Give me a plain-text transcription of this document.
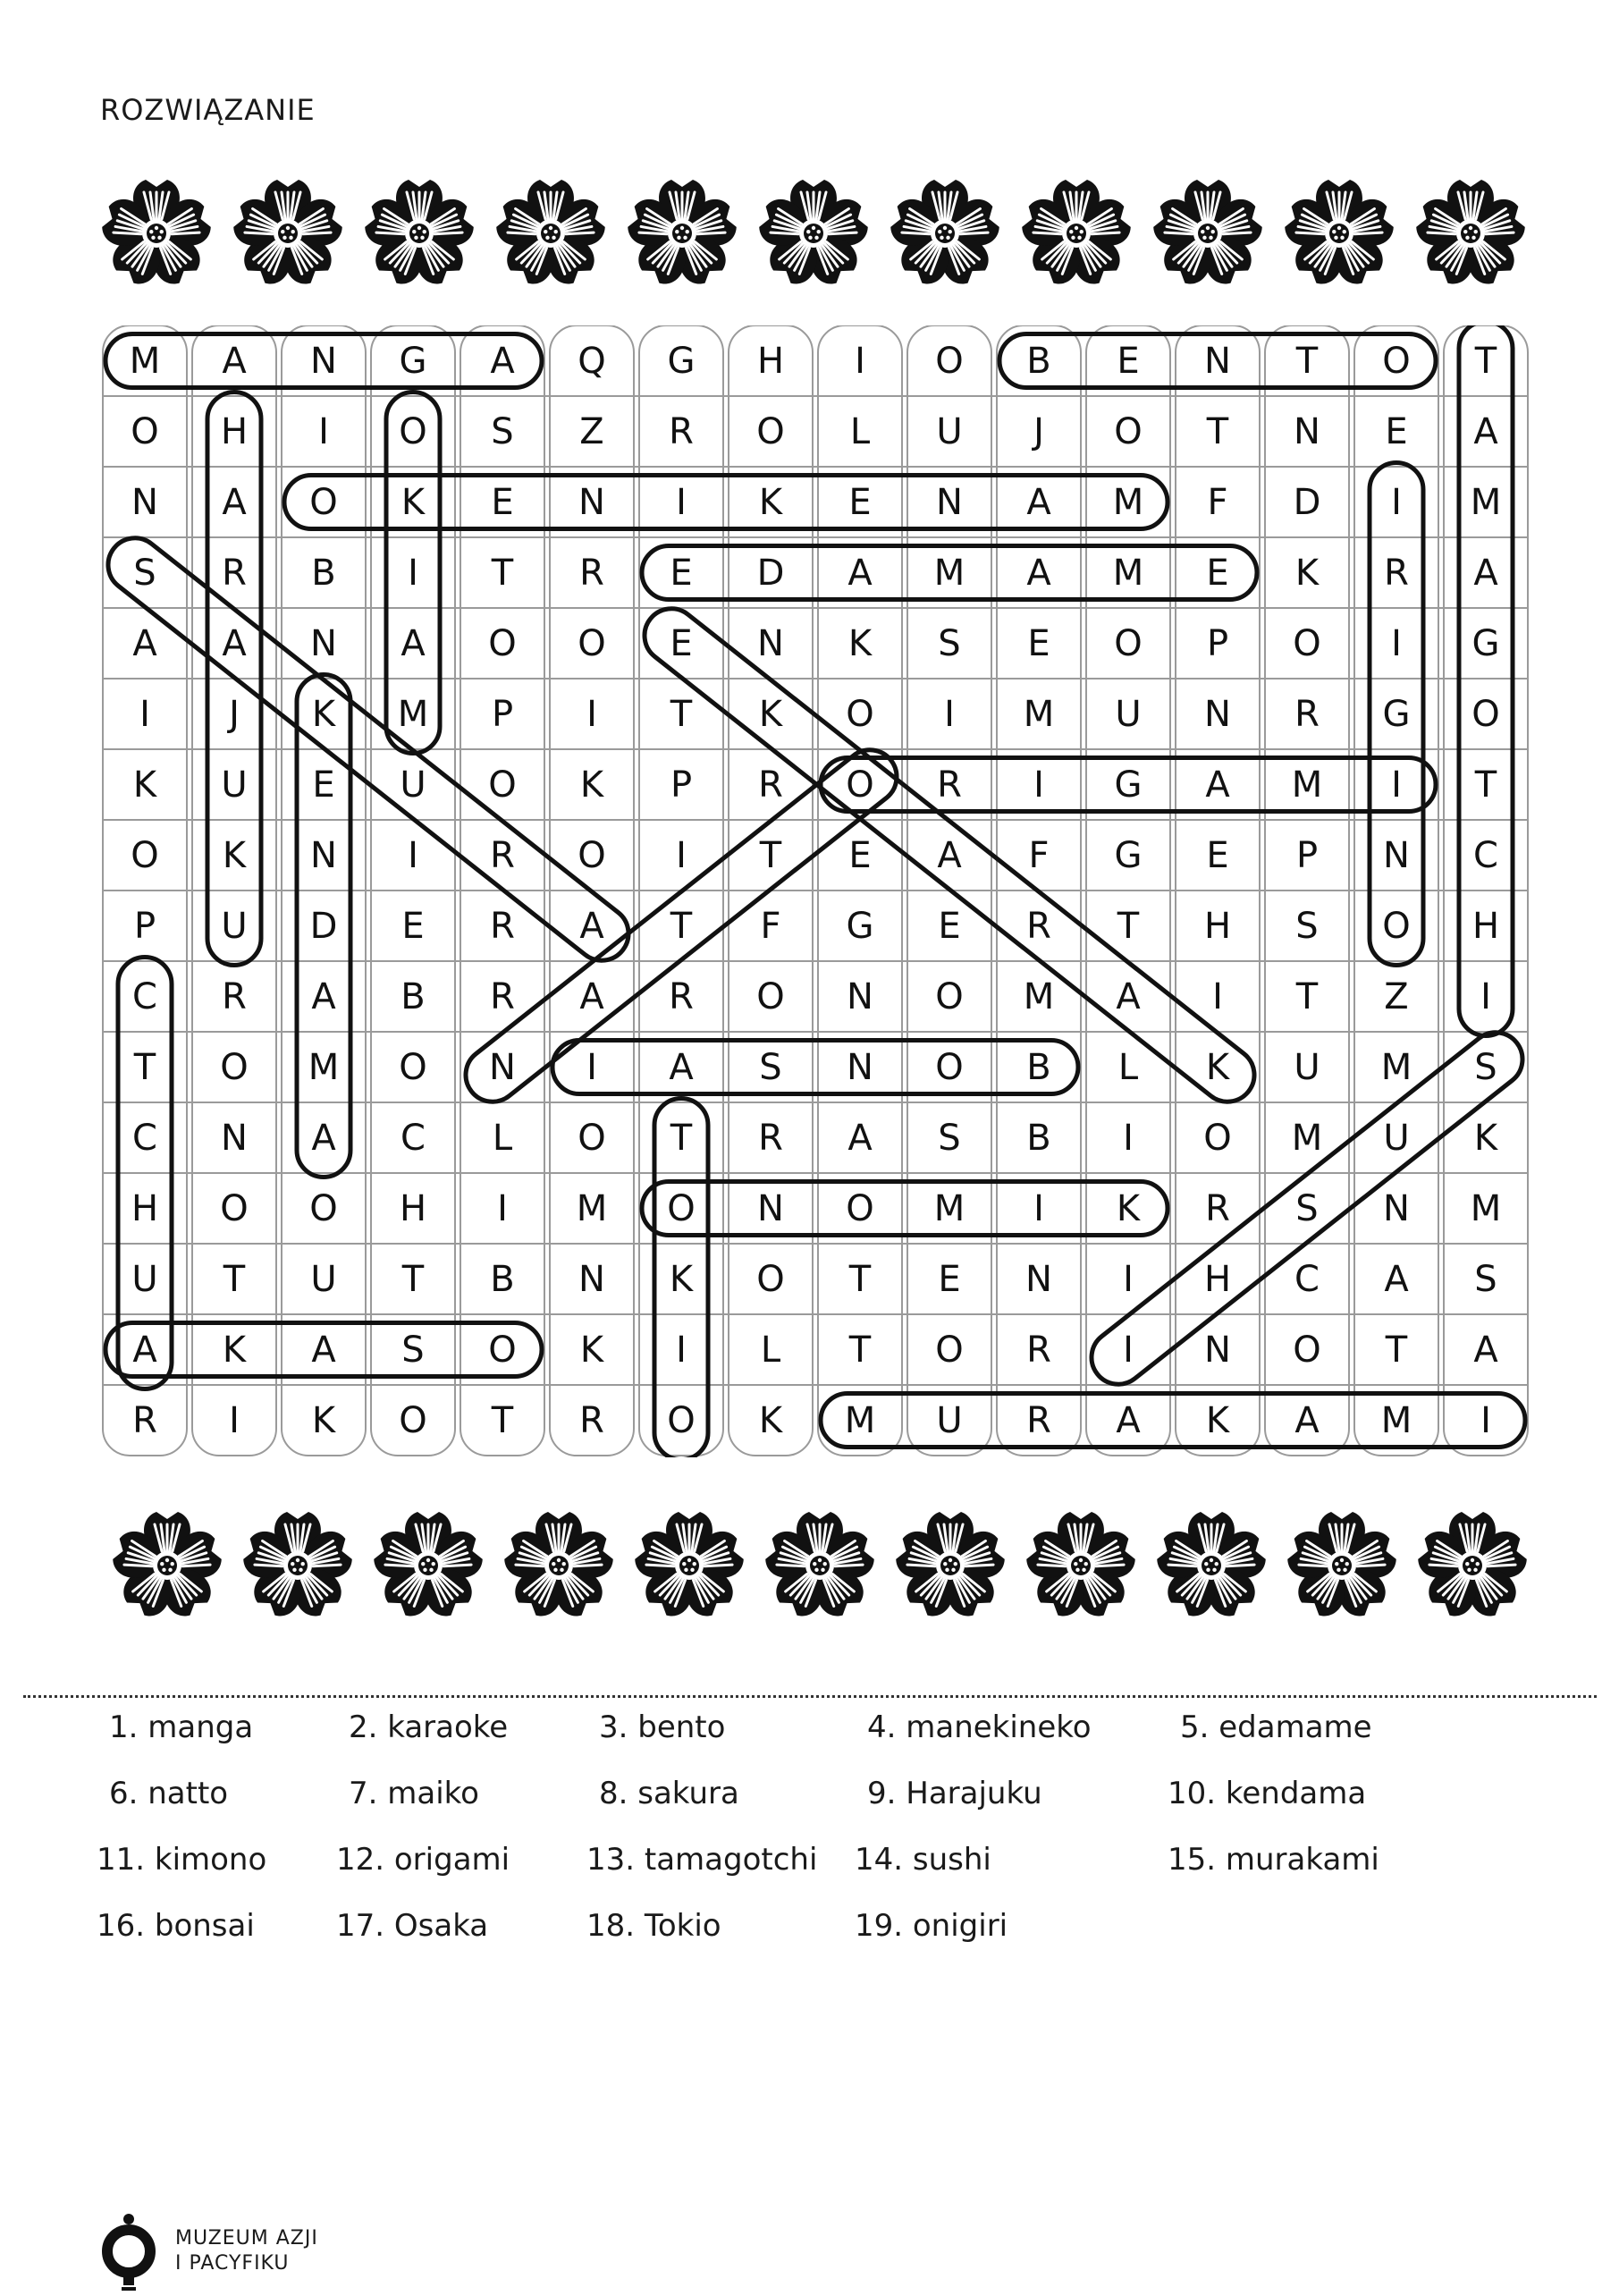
ROZWIĄZANIE
M	A	N	G	A	Q	G	H	I	O	B	E	N	T	O	T
O	H	I	O	S	Z	R	O	L	U	J	O	T	N	E	A
N	A	O	K	E	N	I	K	E	N	A	M	F	D	I	M
S	R	B	I	T	R	E	D	A	M	A	M	E	K	R	A
A	A	N	A	O	O	E	N	K	S	E	O	P	O	I	G
I	J	K	M	P	I	T	K	O	I	M	U	N	R	G	O
K	U	E	U	O	K	P	R	O	R	I	G	A	M	I	T
O	K	N	I	R	O	I	T	E	A	F	G	E	P	N	C
P	U	D	E	R	A	T	F	G	E	R	T	H	S	O	H
C	R	A	B	R	A	R	O	N	O	M	A	I	T	Z	I
T	O	M	O	N	I	A	S	N	O	B	L	K	U	M	S
C	N	A	C	L	O	T	R	A	S	B	I	O	M	U	K
H	O	O	H	I	M	O	N	O	M	I	K	R	S	N	M
U	T	U	T	B	N	K	O	T	E	N	I	H	C	A	S
A	K	A	S	O	K	I	L	T	O	R	I	N	O	T	A
R	I	K	O	T	R	O	K	M	U	R	A	K	A	M	I
1. manga	2. karaoke	3. bento	4. manekineko	5. edamame
6. natto	7. maiko	8. sakura	9. Harajuku	10. kendama
11. kimono 12. origami	13. tamagotchi 14. sushi	15. murakami
16. bonsai	17. Osaka	18. Tokio	19. onigiri
MUZEUM AZJI
I PACYFIKU
